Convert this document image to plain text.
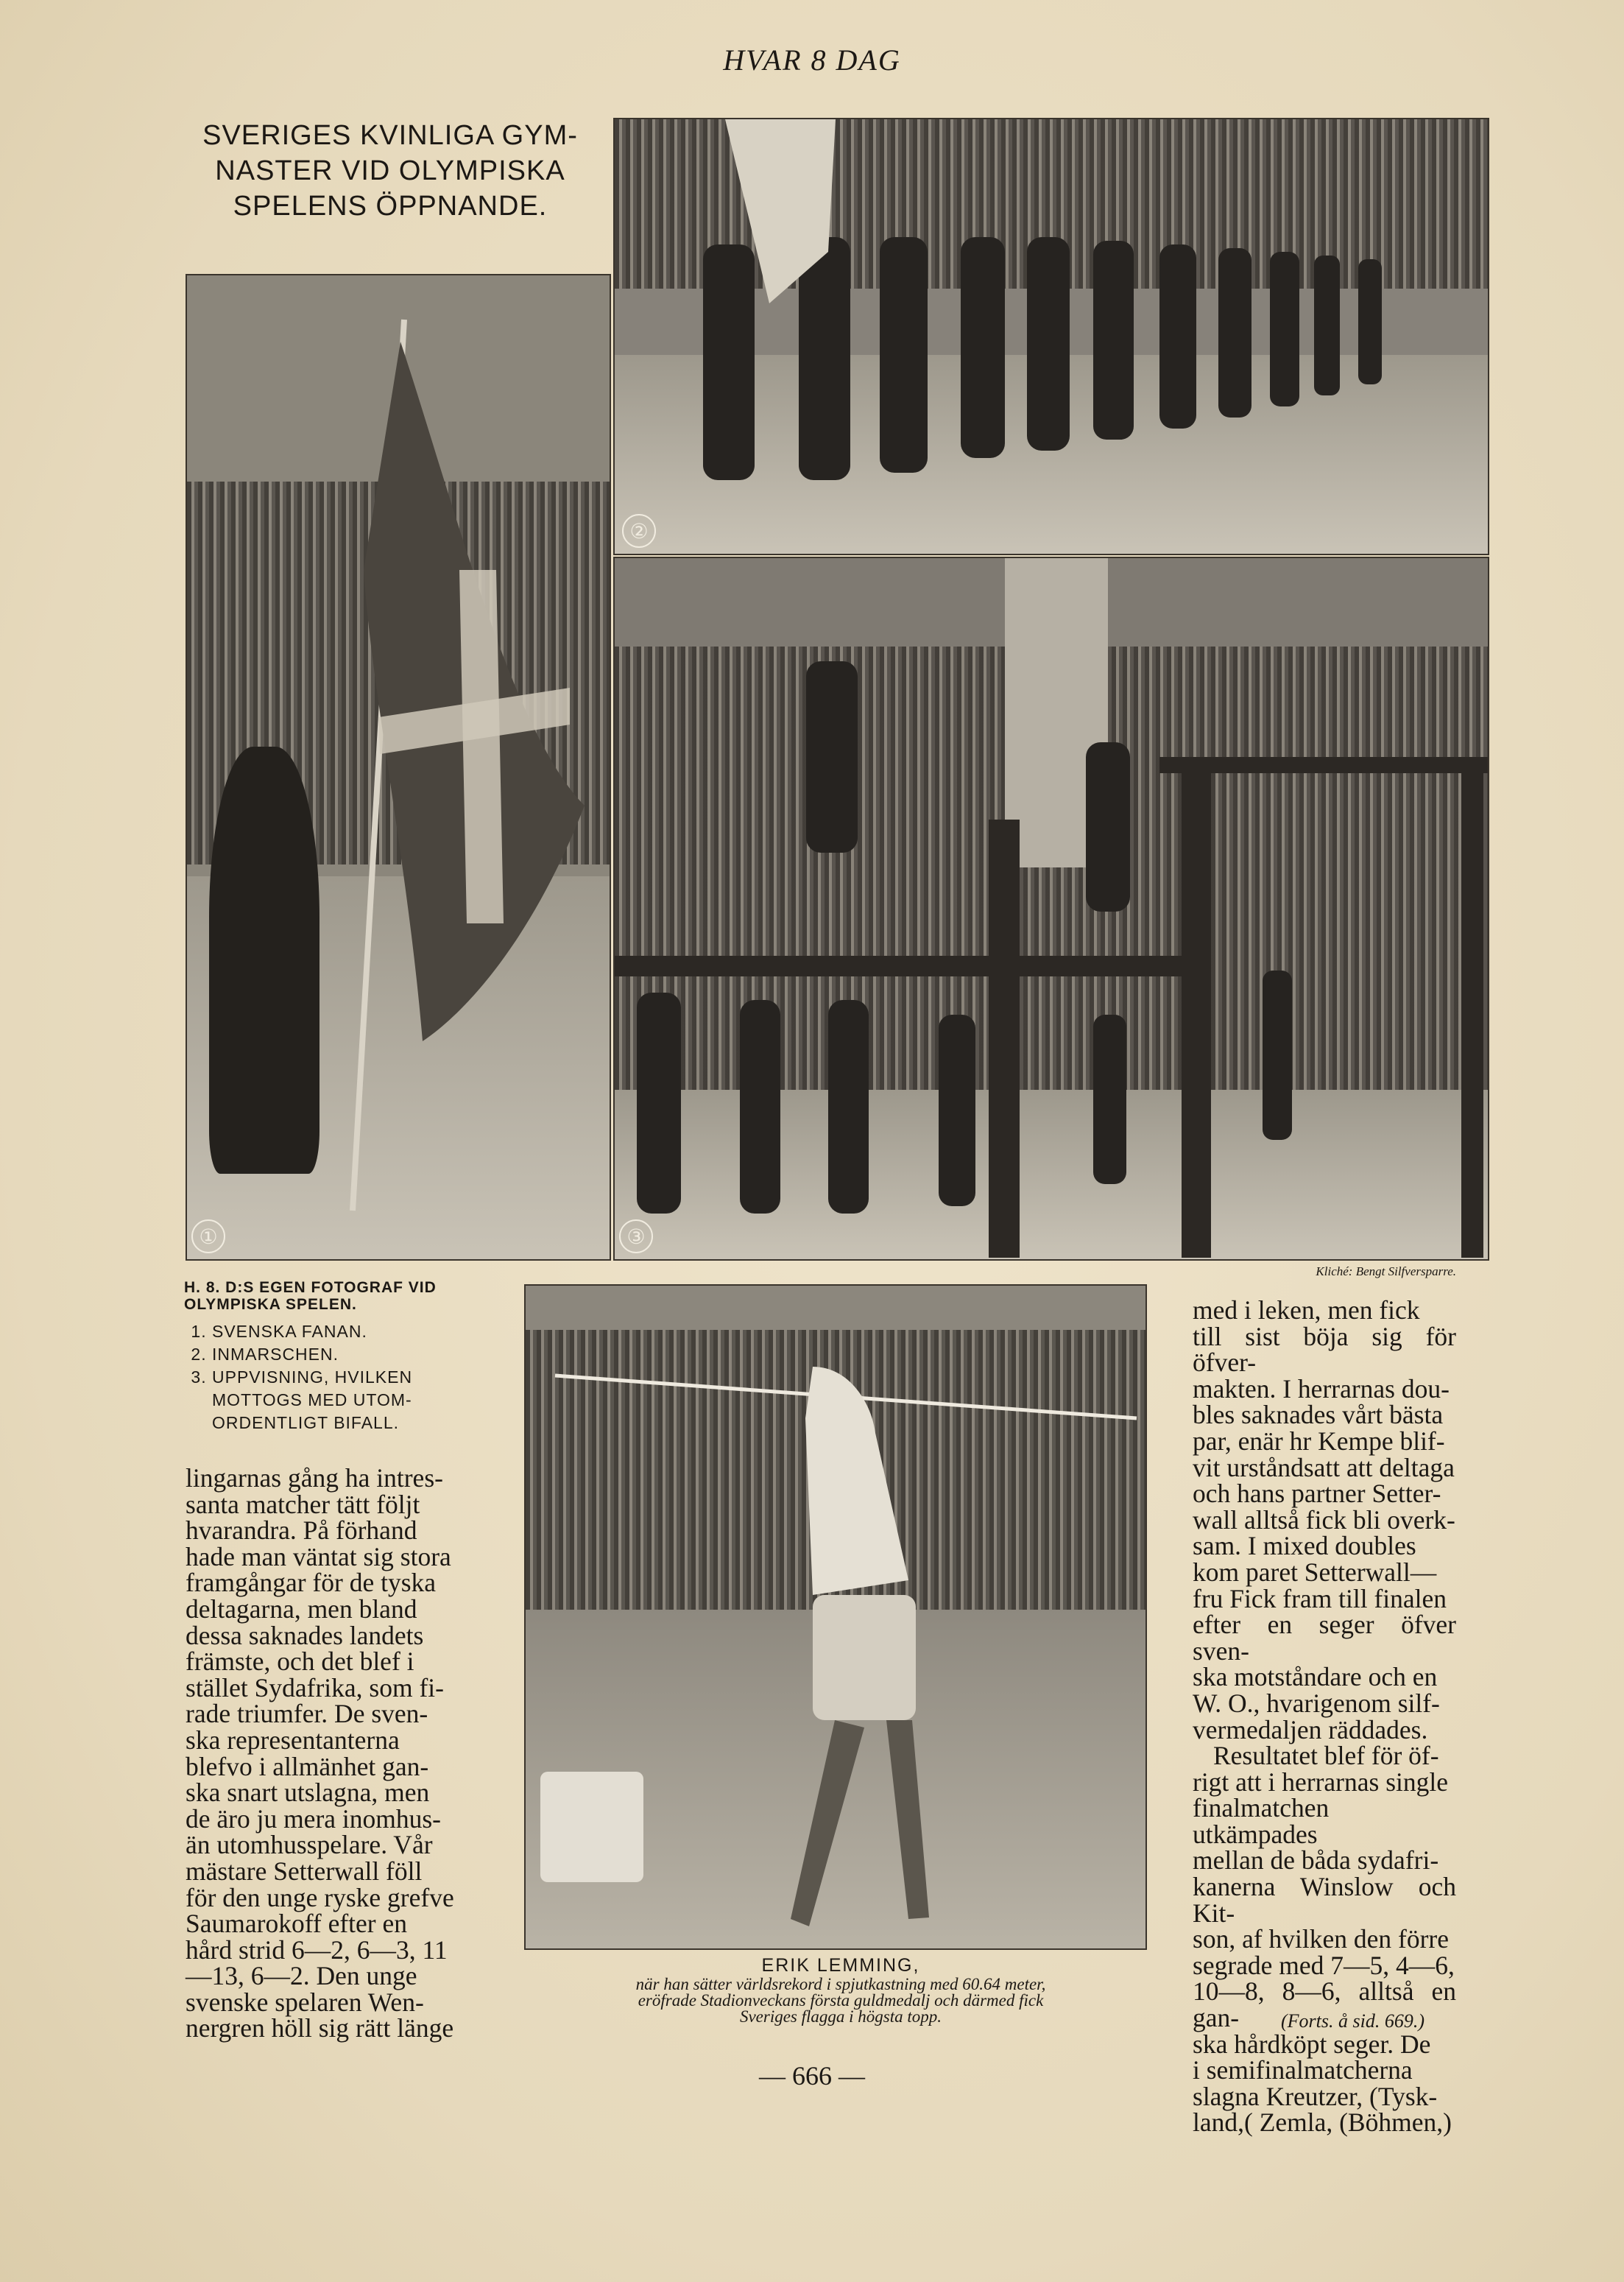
HVAR 8 DAG
SVERIGES KVINLIGA GYM-
NASTER VID OLYMPISKA
SPELENS ÖPPNANDE.
①
②
③
H. 8. D:S EGEN FOTOGRAF VID
OLYMPISKA SPELEN.
1. SVENSKA FANAN.
2. INMARSCHEN.
3. UPPVISNING, HVILKEN MOTTOGS MED UTOM-ORDENTLIGT BIFALL.
Kliché: Bengt Silfversparre.
ERIK LEMMING,
när han sätter världsrekord i spjutkastning med 60.64 meter,
eröfrade Stadionveckans första guldmedalj och därmed fick
Sveriges flagga i högsta topp.

lingarnas gång ha intres-

santa matcher tätt följt

hvarandra. På förhand

hade man väntat sig stora

framgångar för de tyska

deltagarna, men bland

dessa saknades landets

främste, och det blef i

stället Sydafrika, som fi-

rade triumfer. De sven-

ska representanterna

blefvo i allmänhet gan-

ska snart utslagna, men

de äro ju mera inomhus-

än utomhusspelare. Vår

mästare Setterwall föll

för den unge ryske grefve

Saumarokoff efter en

hård strid 6—2, 6—3, 11

—13, 6—2. Den unge

svenske spelaren Wen-

nergren höll sig rätt länge

med i leken, men fick

till sist böja sig för öfver-

makten. I herrarnas dou-

bles saknades vårt bästa

par, enär hr Kempe blif-

vit urståndsatt att deltaga

och hans partner Setter-

wall alltså fick bli overk-

sam. I mixed doubles

kom paret Setterwall—

fru Fick fram till finalen

efter en seger öfver sven-

ska motståndare och en

W. O., hvarigenom silf-

vermedaljen räddades.

Resultatet blef för öf-

rigt att i herrarnas single

finalmatchen utkämpades

mellan de båda sydafri-

kanerna Winslow och Kit-

son, af hvilken den förre

segrade med 7—5, 4—6,

10—8, 8—6, alltså en gan-

ska hårdköpt seger. De

i semifinalmatcherna

slagna Kreutzer, (Tysk-

land,( Zemla, (Böhmen,)

(Forts. å sid. 669.)
— 666 —
